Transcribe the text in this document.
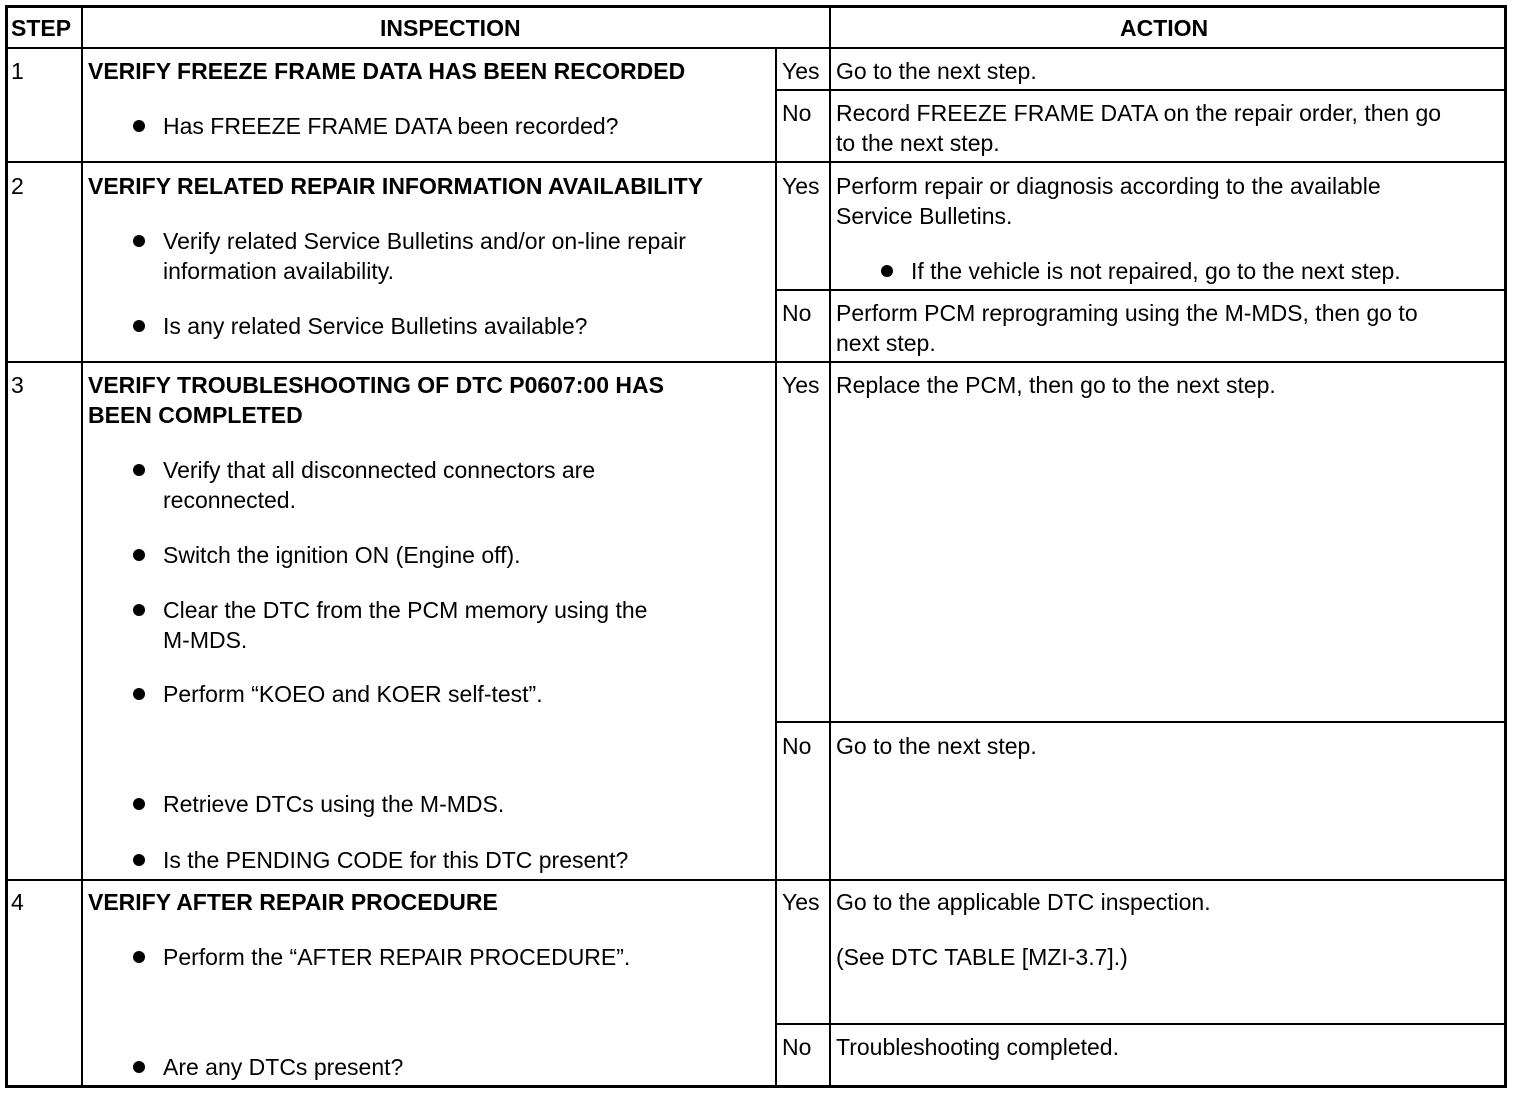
STEP	INSPECTION	ACTION
1	VERIFY FREEZE FRAME DATA HAS BEEN RECORDED
Has FREEZE FRAME DATA been recorded?
Yes Go to the next step.
No Record FREEZE FRAME DATA on the repair order, then go
to the next step.
2	VERIFY RELATED REPAIR INFORMATION AVAILABILITY
Verify related Service Bulletins and/or on-line repair
information availability.
Is any related Service Bulletins available?
Yes Perform repair or diagnosis according to the available
Service Bulletins.
If the vehicle is not repaired, go to the next step.
No Perform PCM reprograming using the M-MDS, then go to
next step.
3	VERIFY TROUBLESHOOTING OF DTC P0607:00 HAS
BEEN COMPLETED
Verify that all disconnected connectors are
reconnected.
Switch the ignition ON (Engine off).
Clear the DTC from the PCM memory using the
M-MDS.
Perform “KOEO and KOER self-test”.
Retrieve DTCs using the M-MDS.
Is the PENDING CODE for this DTC present?
Yes Replace the PCM, then go to the next step.
No Go to the next step.
4	VERIFY AFTER REPAIR PROCEDURE
Perform the “AFTER REPAIR PROCEDURE”.
Are any DTCs present?
Yes Go to the applicable DTC inspection.
(See DTC TABLE [MZI-3.7].)
No Troubleshooting completed.
